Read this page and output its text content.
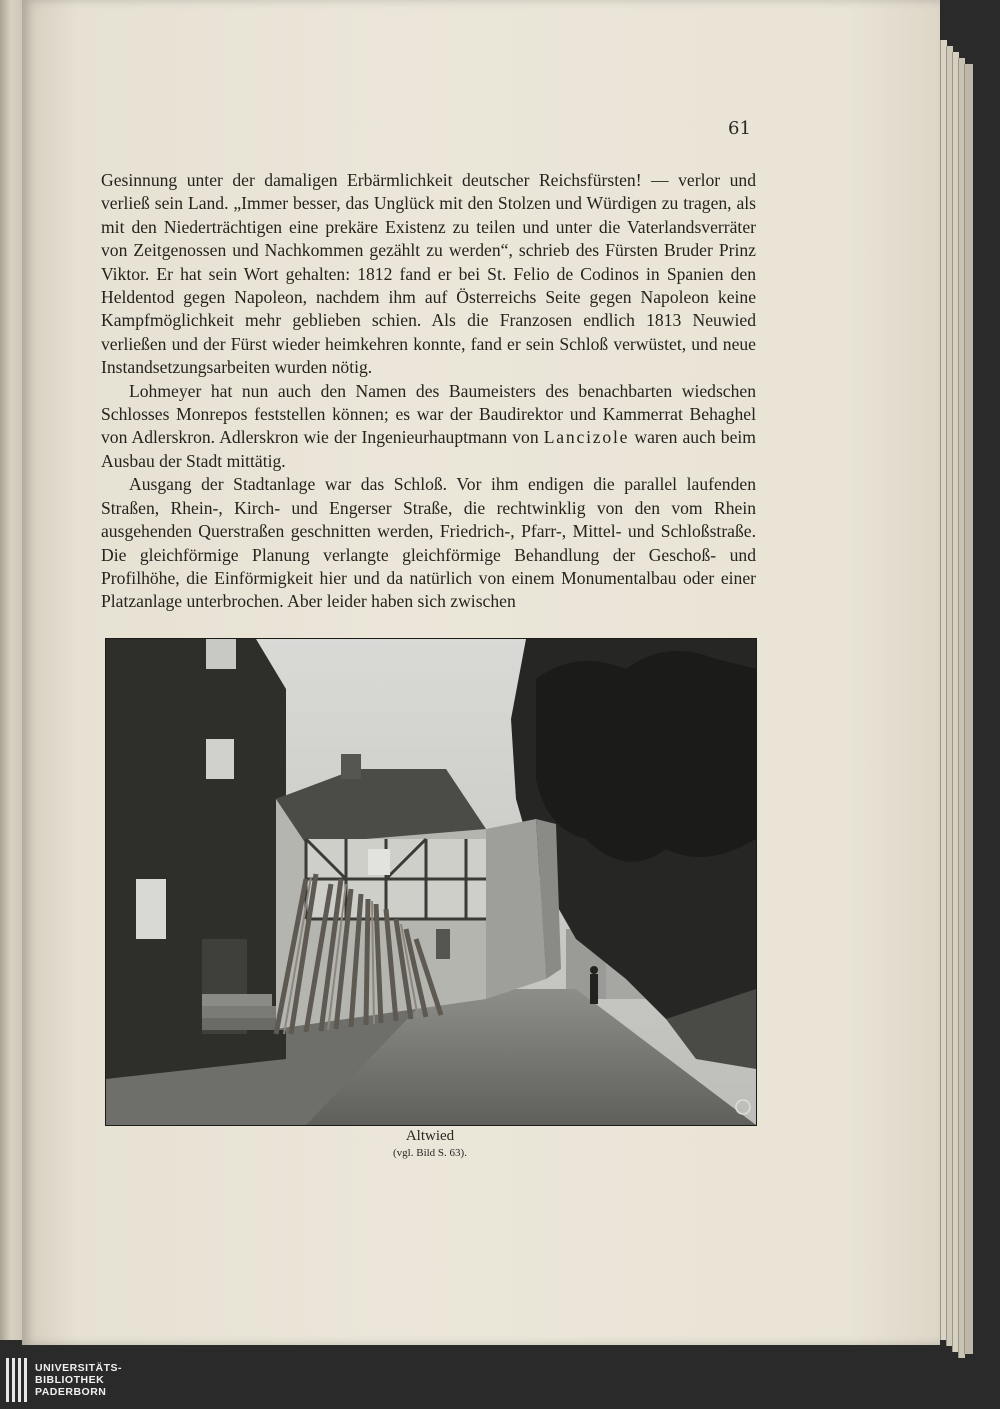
61

Gesinnung unter der damaligen Erbärmlichkeit deutscher Reichsfürsten! — verlor und verließ sein Land. „Immer besser, das Unglück mit den Stolzen und Würdigen zu tragen, als mit den Niederträchtigen eine prekäre Existenz zu teilen und unter die Vaterlandsverräter von Zeitgenossen und Nachkommen gezählt zu werden“, schrieb des Fürsten Bruder Prinz Viktor. Er hat sein Wort gehalten: 1812 fand er bei St. Felio de Codinos in Spanien den Heldentod gegen Napoleon, nachdem ihm auf Österreichs Seite gegen Napoleon keine Kampfmöglichkeit mehr geblieben schien. Als die Franzosen endlich 1813 Neuwied verließen und der Fürst wieder heimkehren konnte, fand er sein Schloß verwüstet, und neue Instandsetzungsarbeiten wurden nötig.

Lohmeyer hat nun auch den Namen des Baumeisters des benachbarten wiedschen Schlosses Monrepos feststellen können; es war der Baudirektor und Kammerrat Behaghel von Adlerskron. Adlerskron wie der Ingenieurhauptmann von Lancizole waren auch beim Ausbau der Stadt mittätig.

Ausgang der Stadtanlage war das Schloß. Vor ihm endigen die parallel laufenden Straßen, Rhein-, Kirch- und Engerser Straße, die rechtwinklig von den vom Rhein ausgehenden Querstraßen geschnitten werden, Friedrich-, Pfarr-, Mittel- und Schloßstraße. Die gleichförmige Planung verlangte gleichförmige Behandlung der Geschoß- und Profilhöhe, die Einförmigkeit hier und da natürlich von einem Monumentalbau oder einer Platzanlage unterbrochen. Aber leider haben sich zwischen

Altwied
(vgl. Bild S. 63).
UNIVERSITÄTS-
BIBLIOTHEK
PADERBORN
